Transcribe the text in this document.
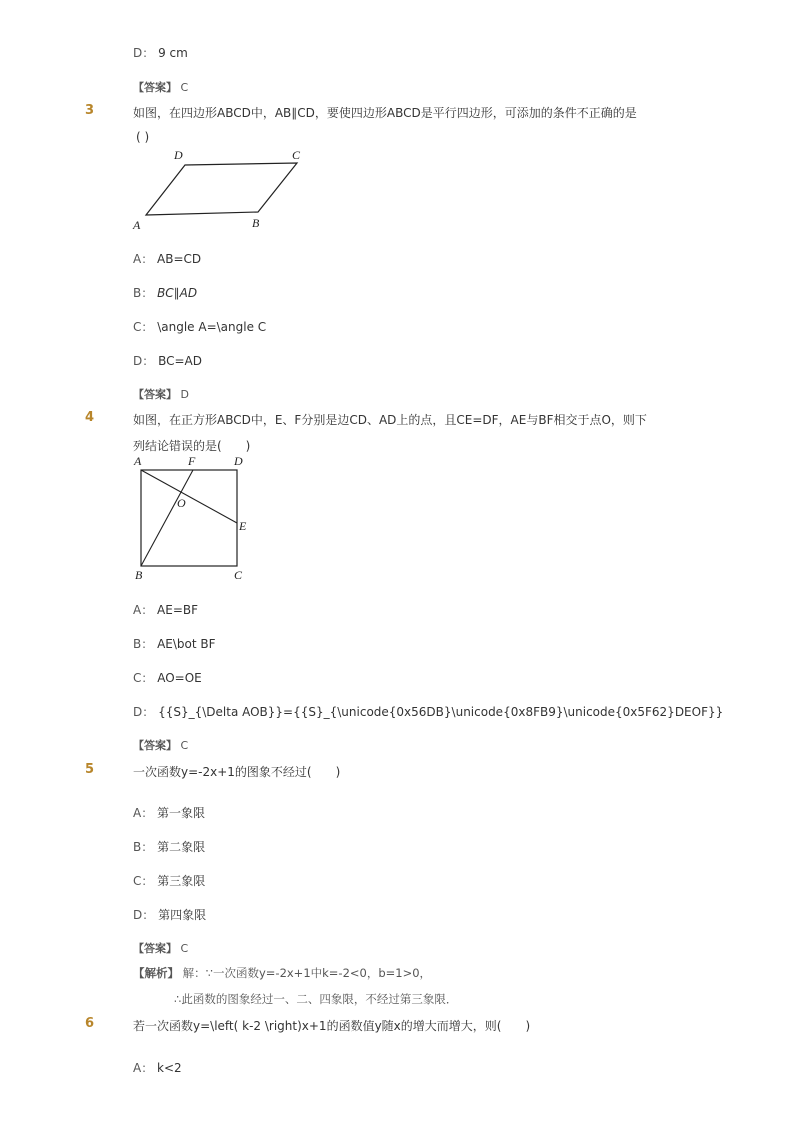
D： 9 cm
【答案】 C
3	如图，在四边形ABCD中，AB∥CD，要使四边形ABCD是平行四边形，可添加的条件不正确的是
( )
D	C
A	B
A： AB=CD
B： BC∥AD
C： \angle A=\angle C
D： BC=AD
【答案】 D
4	如图，在正方形ABCD中，E、F分别是边CD、AD上的点，且CE=DF，AE与BF相交于点O，则下
列结论错误的是(　　)
A	F	D
O
E
B	C
A： AE=BF
B： AE\bot BF
C： AO=OE
D： {{S}_{\Delta AOB}}={{S}_{\unicode{0x56DB}\unicode{0x8FB9}\unicode{0x5F62}DEOF}}
【答案】 C
5	一次函数y=-2x+1的图象不经过(　　)
A： 第一象限
B： 第二象限
C： 第三象限
D： 第四象限
【答案】 C
【解析】 解：∵一次函数y=-2x+1中k=-2<0，b=1>0，
∴此函数的图象经过一、二、四象限，不经过第三象限．
6	若一次函数y=\left( k-2 \right)x+1的函数值y随x的增大而增大，则(　　)
A： k<2
